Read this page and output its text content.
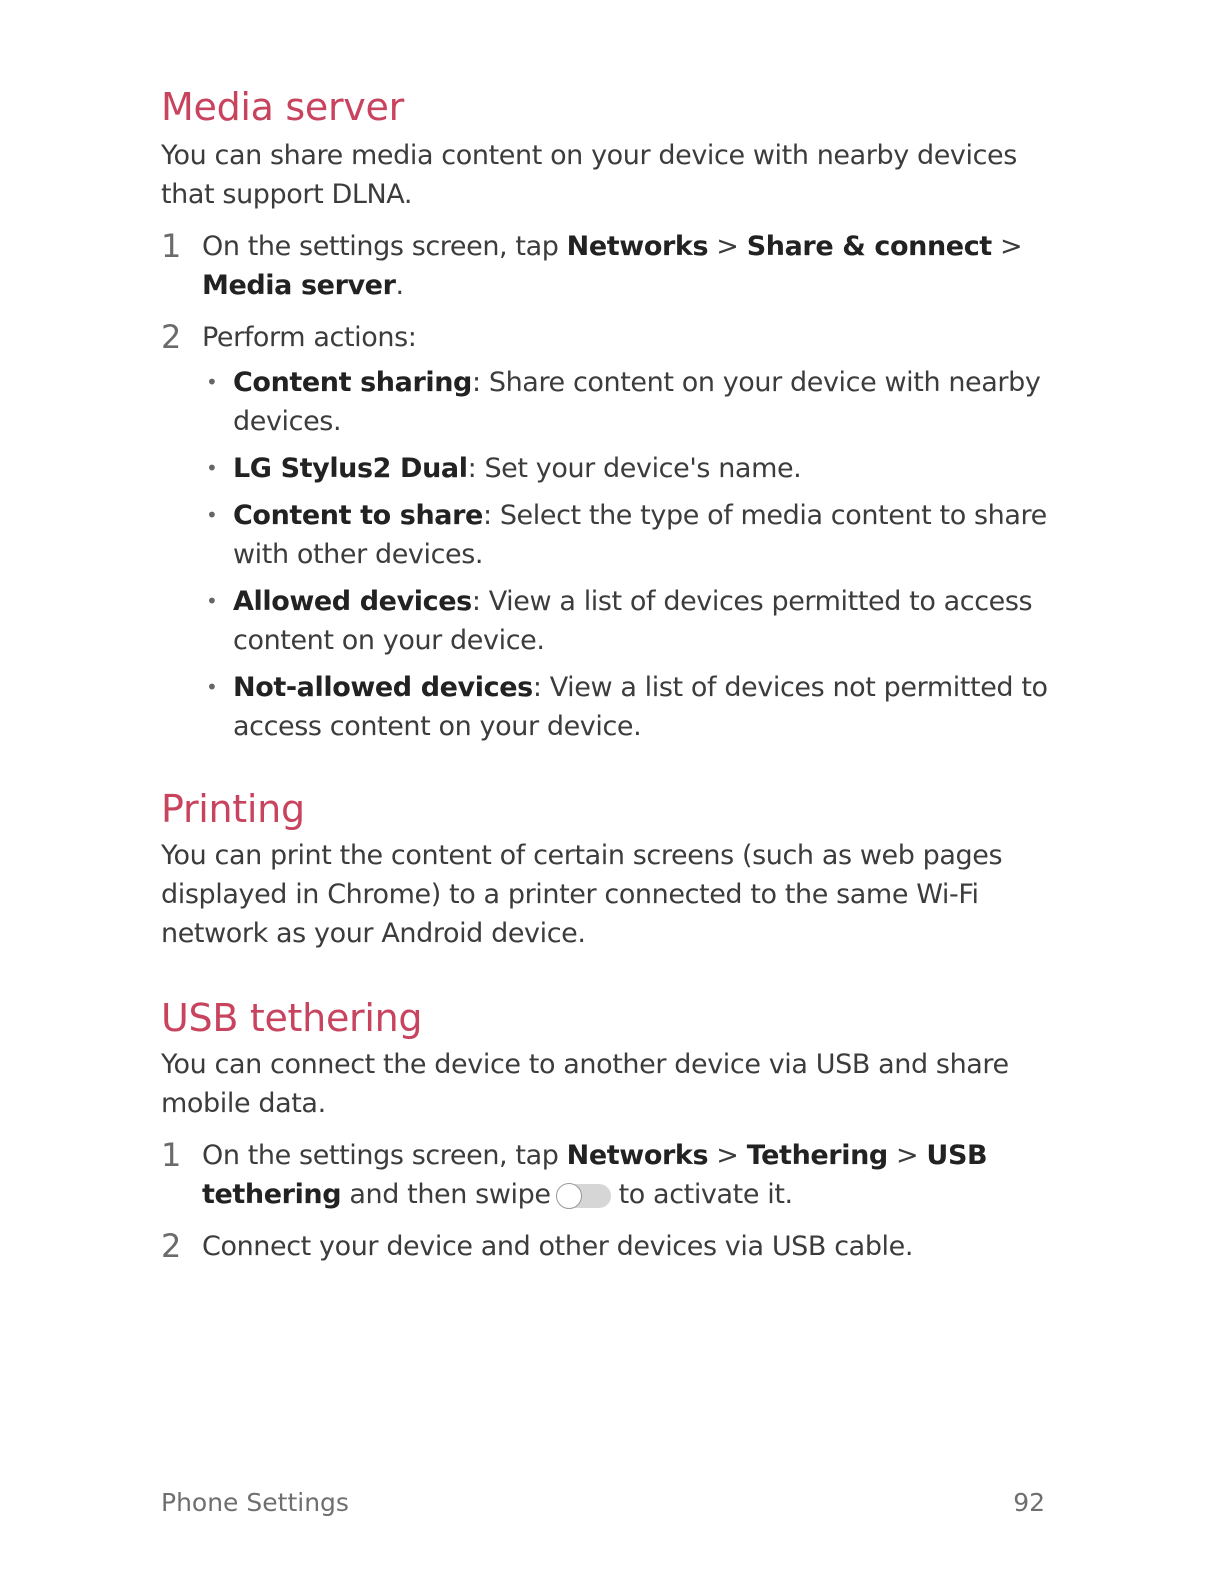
Media server

You can share media content on your device with nearby devices that support DLNA.

1 On the settings screen, tap Networks > Share & connect > Media server.
2 Perform actions:
• Content sharing: Share content on your device with nearby devices.
• LG Stylus2 Dual: Set your device's name.
• Content to share: Select the type of media content to share with other devices.
• Allowed devices: View a list of devices permitted to access content on your device.
• Not-allowed devices: View a list of devices not permitted to access content on your device.
Printing

You can print the content of certain screens (such as web pages displayed in Chrome) to a printer connected to the same Wi-Fi network as your Android device.

USB tethering

You can connect the device to another device via USB and share mobile data.

1 On the settings screen, tap Networks > Tethering > USB tethering and then swipe	to activate it.
2 Connect your device and other devices via USB cable.
Phone Settings	92
